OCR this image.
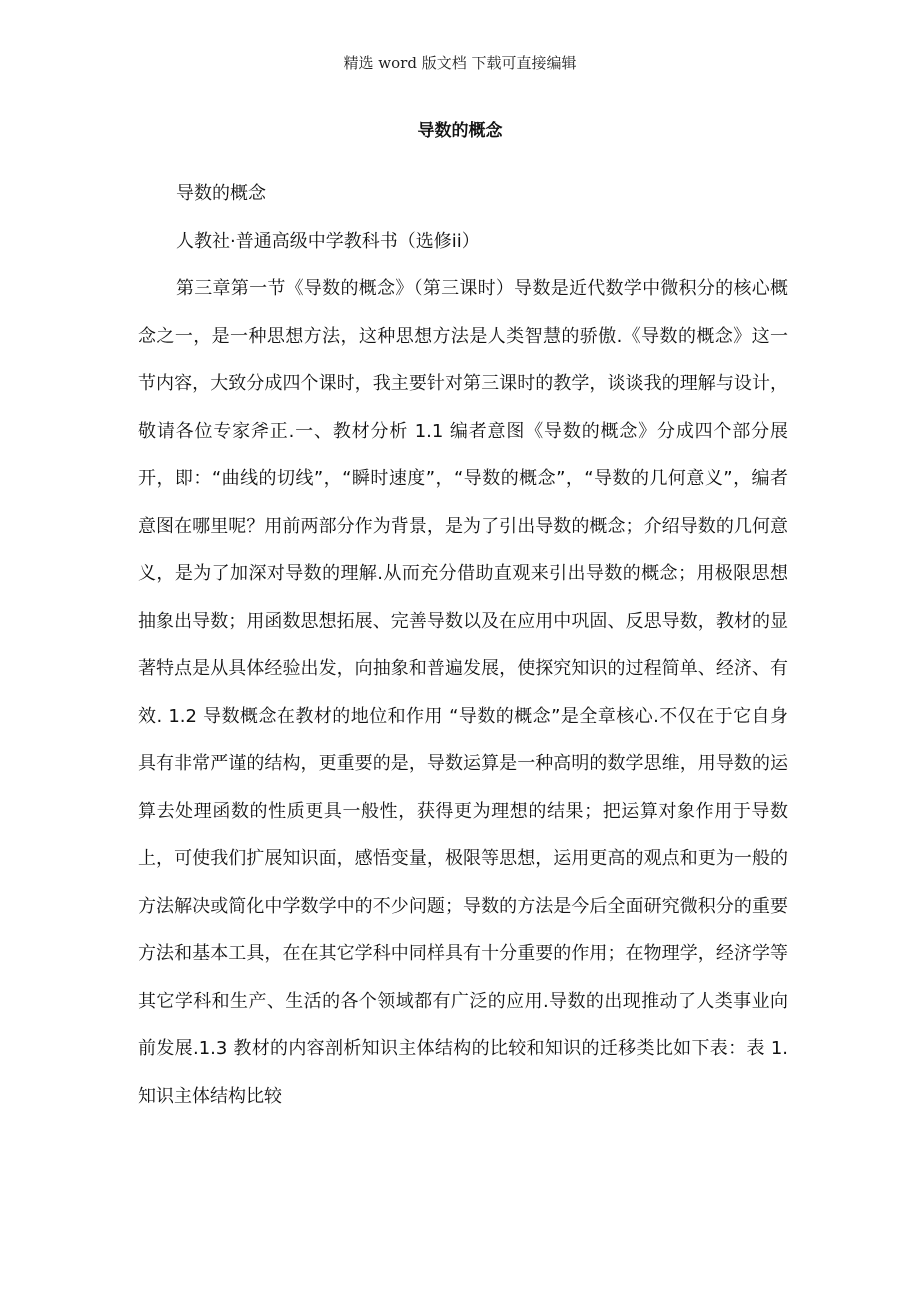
精选 word 版文档 下载可直接编辑
导数的概念

导数的概念

人教社·普通高级中学教科书（选修ii）

第三章第一节《导数的概念》（第三课时）导数是近代数学中微积分的核心概念之一，是一种思想方法，这种思想方法是人类智慧的骄傲.《导数的概念》这一节内容，大致分成四个课时，我主要针对第三课时的教学，谈谈我的理解与设计，敬请各位专家斧正.一、教材分析 1.1 编者意图《导数的概念》分成四个部分展开，即：“曲线的切线”，“瞬时速度”，“导数的概念”，“导数的几何意义”，编者意图在哪里呢？用前两部分作为背景，是为了引出导数的概念；介绍导数的几何意义，是为了加深对导数的理解.从而充分借助直观来引出导数的概念；用极限思想抽象出导数；用函数思想拓展、完善导数以及在应用中巩固、反思导数，教材的显著特点是从具体经验出发，向抽象和普遍发展，使探究知识的过程简单、经济、有效. 1.2 导数概念在教材的地位和作用 “导数的概念”是全章核心.不仅在于它自身具有非常严谨的结构，更重要的是，导数运算是一种高明的数学思维，用导数的运算去处理函数的性质更具一般性，获得更为理想的结果；把运算对象作用于导数上，可使我们扩展知识面，感悟变量，极限等思想，运用更高的观点和更为一般的方法解决或简化中学数学中的不少问题；导数的方法是今后全面研究微积分的重要方法和基本工具，在在其它学科中同样具有十分重要的作用；在物理学，经济学等其它学科和生产、生活的各个领域都有广泛的应用.导数的出现推动了人类事业向前发展.1.3 教材的内容剖析知识主体结构的比较和知识的迁移类比如下表：表 1. 知识主体结构比较
